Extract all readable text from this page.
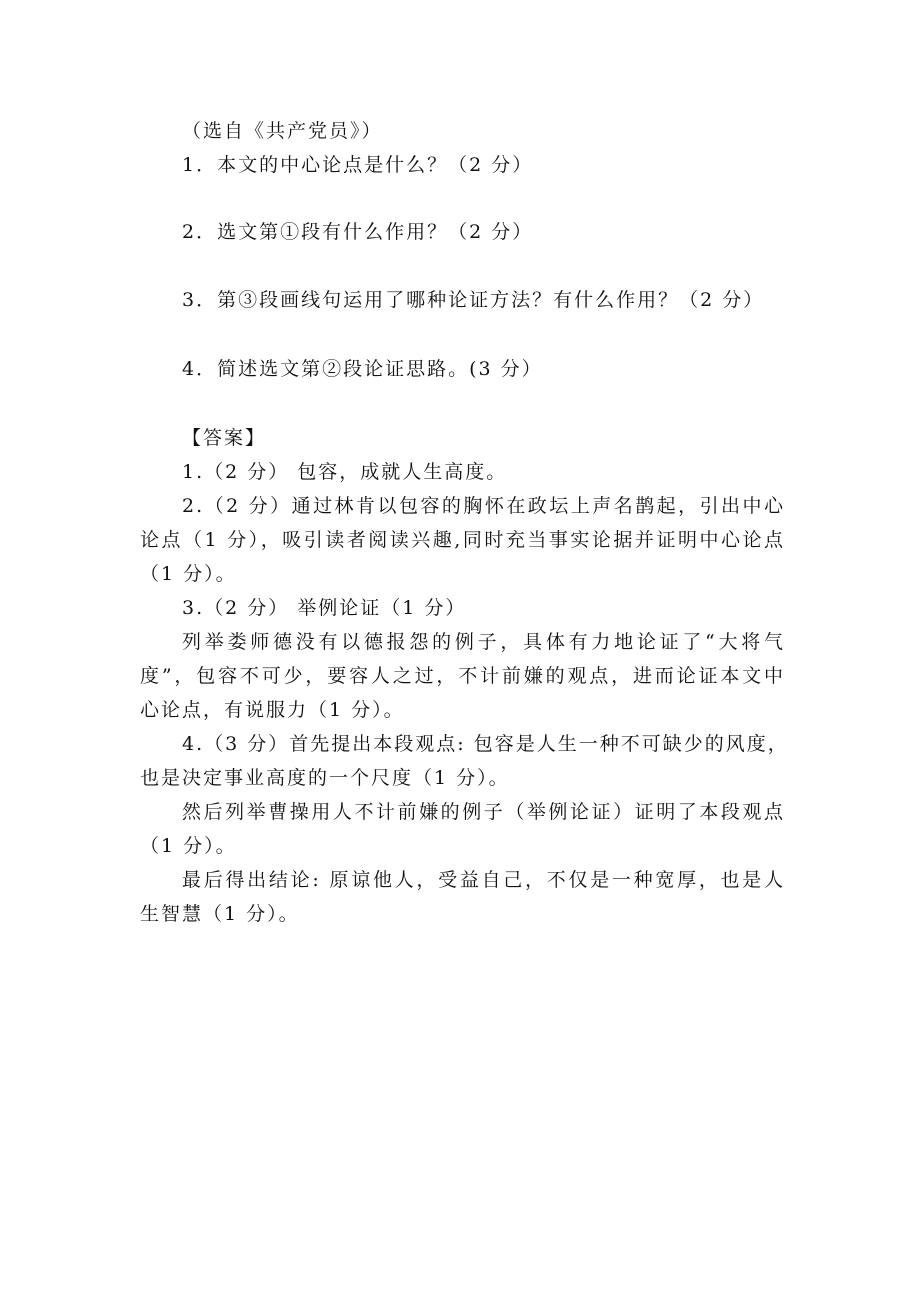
（选自《共产党员》）
1．本文的中心论点是什么？（2 分）
2．选文第①段有什么作用？（2 分）
3．第③段画线句运用了哪种论证方法？有什么作用？（2 分）
4．简述选文第②段论证思路。(3 分）
【答案】
1.（2 分） 包容，成就人生高度。
2.（2 分）通过林肯以包容的胸怀在政坛上声名鹊起，引出中心
论点（1 分），吸引读者阅读兴趣,同时充当事实论据并证明中心论点
（1 分）。
3.（2 分） 举例论证（1 分）
列举娄师德没有以德报怨的例子，具体有力地论证了“大将气
度”，包容不可少，要容人之过，不计前嫌的观点，进而论证本文中
心论点，有说服力（1 分）。
4.（3 分）首先提出本段观点: 包容是人生一种不可缺少的风度，
也是决定事业高度的一个尺度（1 分）。
然后列举曹操用人不计前嫌的例子（举例论证）证明了本段观点
（1 分）。
最后得出结论: 原谅他人，受益自己，不仅是一种宽厚，也是人
生智慧（1 分）。
